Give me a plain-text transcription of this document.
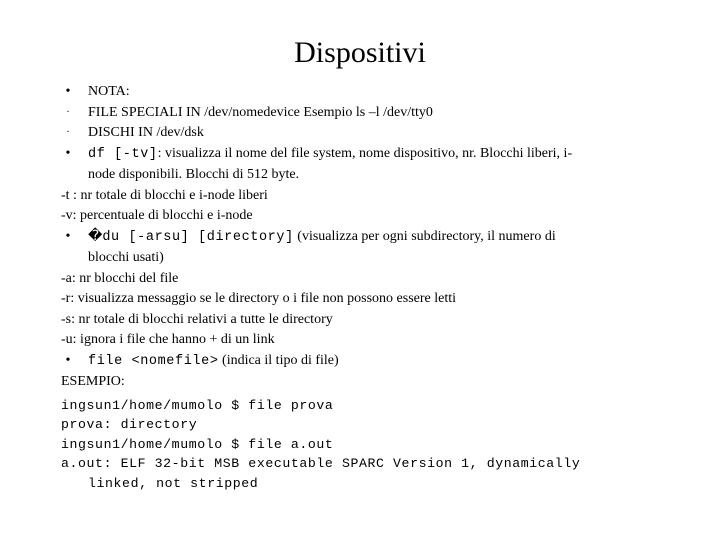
Dispositivi
•	NOTA:
·	FILE SPECIALI IN /dev/nomedevice Esempio ls –l /dev/tty0
·	DISCHI IN /dev/dsk
•	df [-tv]: visualizza il nome del file system, nome dispositivo, nr. Blocchi liberi, i-
node disponibili. Blocchi di 512 byte.
-t : nr totale di blocchi e i-node liberi
-v: percentuale di blocchi e i-node
•	�du [-arsu] [directory] (visualizza per ogni subdirectory, il numero di
blocchi usati)
-a: nr blocchi del file
-r: visualizza messaggio se le directory o i file non possono essere letti
-s: nr totale di blocchi relativi a tutte le directory
-u: ignora i file che hanno + di un link
•	file <nomefile> (indica il tipo di file)
ESEMPIO:
ingsun1/home/mumolo $ file prova
prova: directory
ingsun1/home/mumolo $ file a.out
a.out: ELF 32-bit MSB executable SPARC Version 1, dynamically
linked, not stripped
